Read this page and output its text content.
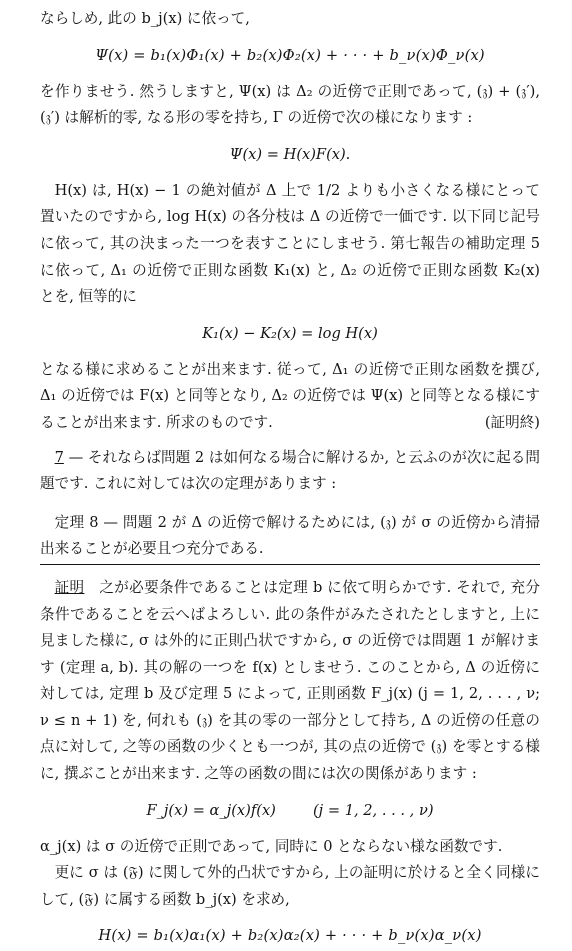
ならしめ, 此の b_j(x) に依って,

Ψ(x) = b₁(x)Φ₁(x) + b₂(x)Φ₂(x) + · · · + b_ν(x)Φ_ν(x)

を作りませう. 然うしますと, Ψ(x) は Δ₂ の近傍で正則であって, (𝔷) + (𝔷′), (𝔷′) は解析的零, なる形の零を持ち, Γ の近傍で次の様になります :

Ψ(x) = H(x)F(x).

H(x) は, H(x) − 1 の絶対値が Δ 上で 1/2 よりも小さくなる様にとって置いたのですから, log H(x) の各分枝は Δ の近傍で一価です. 以下同じ記号に依って, 其の決まった一つを表すことにしませう. 第七報告の補助定理 5 に依って, Δ₁ の近傍で正則な函数 K₁(x) と, Δ₂ の近傍で正則な函数 K₂(x) とを, 恒等的に

K₁(x) − K₂(x) = log H(x)

となる様に求めることが出来ます. 従って, Δ₁ の近傍で正則な函数を撰び, Δ₁ の近傍では F(x) と同等となり, Δ₂ の近傍では Ψ(x) と同等となる様にすることが出来ます. 所求のものです.	(証明終)

7 — それならば問題 2 は如何なる場合に解けるか, と云ふのが次に起る問題です. これに対しては次の定理があります :

定理 8 — 問題 2 が Δ の近傍で解けるためには, (𝔷) が σ の近傍から清掃出来ることが必要且つ充分である.

証明　 之が必要条件であることは定理 b に依て明らかです. それで, 充分条件であることを云へばよろしい. 此の条件がみたされたとしますと, 上に見ました様に, σ は外的に正則凸状ですから, σ の近傍では問題 1 が解けます (定理 a, b). 其の解の一つを f(x) としませう. このことから, Δ の近傍に対しては, 定理 b 及び定理 5 によって, 正則函数 F_j(x) (j = 1, 2, . . . , ν; ν ≤ n + 1) を, 何れも (𝔷) を其の零の一部分として持ち, Δ の近傍の任意の点に対して, 之等の函数の少くとも一つが, 其の点の近傍で (𝔷) を零とする様に, 撰ぶことが出来ます. 之等の函数の間には次の関係があります :

F_j(x) = α_j(x)f(x)        (j = 1, 2, . . . , ν)

α_j(x) は σ の近傍で正則であって, 同時に 0 とならない様な函数です.

更に σ は (𝔉) に関して外的凸状ですから, 上の証明に於けると全く同様にして, (𝔉) に属する函数 b_j(x) を求め,

H(x) = b₁(x)α₁(x) + b₂(x)α₂(x) + · · · + b_ν(x)α_ν(x)
